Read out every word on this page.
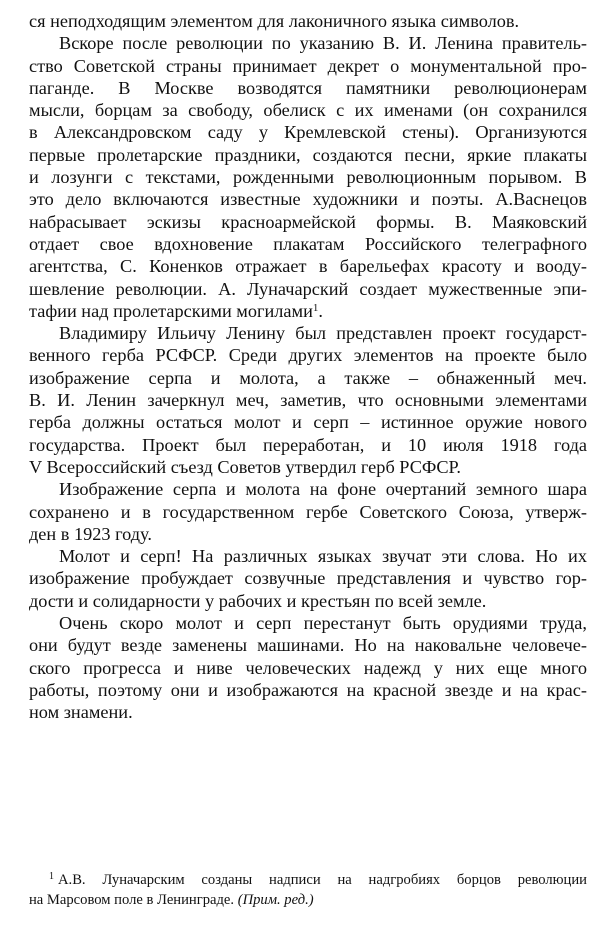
ся неподходящим элементом для лаконичного языка символов.

Вскоре после революции по указанию В. И. Ленина правитель-
ство Советской страны принимает декрет о монументальной про-
паганде. В Москве возводятся памятники революционерам
мысли, борцам за свободу, обелиск с их именами (он сохранился
в Александровском саду у Кремлевской стены). Организуются
первые пролетарские праздники, создаются песни, яркие плакаты
и лозунги с текстами, рожденными революционным порывом. В
это дело включаются известные художники и поэты. А.Васнецов
набрасывает эскизы красноармейской формы. В. Маяковский
отдает свое вдохновение плакатам Российского телеграфного
агентства, С. Коненков отражает в барельефах красоту и вооду-
шевление революции. А. Луначарский создает мужественные эпи-
тафии над пролетарскими могилами$^1$.

Владимиру Ильичу Ленину был представлен проект государст-
венного герба РСФСР. Среди других элементов на проекте было
изображение серпа и молота, а также – обнаженный меч.
В. И. Ленин зачеркнул меч, заметив, что основными элементами
герба должны остаться молот и серп – истинное оружие нового
государства. Проект был переработан, и 10 июля 1918 года
V Всероссийский съезд Советов утвердил герб РСФСР.

Изображение серпа и молота на фоне очертаний земного шара
сохранено и в государственном гербе Советского Союза, утверж-
ден в 1923 году.

Молот и серп! На различных языках звучат эти слова. Но их
изображение пробуждает созвучные представления и чувство гор-
дости и солидарности у рабочих и крестьян по всей земле.

Очень скоро молот и серп перестанут быть орудиями труда,
они будут везде заменены машинами. Но на наковальне человече-
ского прогресса и ниве человеческих надежд у них еще много
работы, поэтому они и изображаются на красной звезде и на крас-
ном знамени.

$^1$ А.В. Луначарским созданы надписи на надгробиях борцов революции
на Марсовом поле в Ленинграде. (Прим. ред.)
